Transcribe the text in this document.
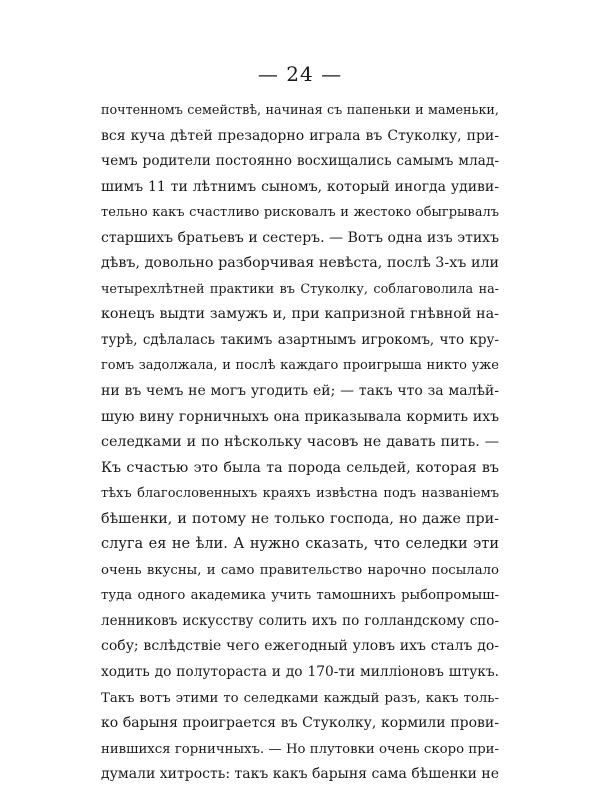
— 24 —
почтенномъ семействѣ, начиная съ папеньки и маменьки,
вся куча дѣтей презадорно играла въ Стуколку, при-
чемъ родители постоянно восхищались самымъ млад-
шимъ 11 ти лѣтнимъ сыномъ, который иногда удиви-
тельно какъ счастливо рисковалъ и жестоко обыгрывалъ
старшихъ братьевъ и сестеръ. — Вотъ одна изъ этихъ
дѣвъ, довольно разборчивая невѣста, послѣ 3-хъ или
четырехлѣтней практики въ Стуколку, соблаговолила на-
конецъ выдти замужъ и, при капризной гнѣвной на-
турѣ, сдѣлалась такимъ азартнымъ игрокомъ, что кру-
гомъ задолжала, и послѣ каждаго проигрыша никто уже
ни въ чемъ не могъ угодить ей; — такъ что за малѣй-
шую вину горничныхъ она приказывала кормить ихъ
селедками и по нѣскольку часовъ не давать пить. —
Къ счастью это была та порода сельдей, которая въ
тѣхъ благословенныхъ краяхъ извѣстна подъ названіемъ
бѣшенки, и потому не только господа, но даже при-
слуга ея не ѣли. А нужно сказать, что селедки эти
очень вкусны, и само правительство нарочно посылало
туда одного академика учить тамошнихъ рыбопромыш-
ленниковъ искусству солить ихъ по голландскому спо-
собу; вслѣдствіе чего ежегодный уловъ ихъ сталъ до-
ходить до полутораста и до 170-ти милліоновъ штукъ.
Такъ вотъ этими то селедками каждый разъ, какъ толь-
ко барыня проиграется въ Стуколку, кормили прови-
нившихся горничныхъ. — Но плутовки очень скоро при-
думали хитрость: такъ какъ барыня сама бѣшенки не
